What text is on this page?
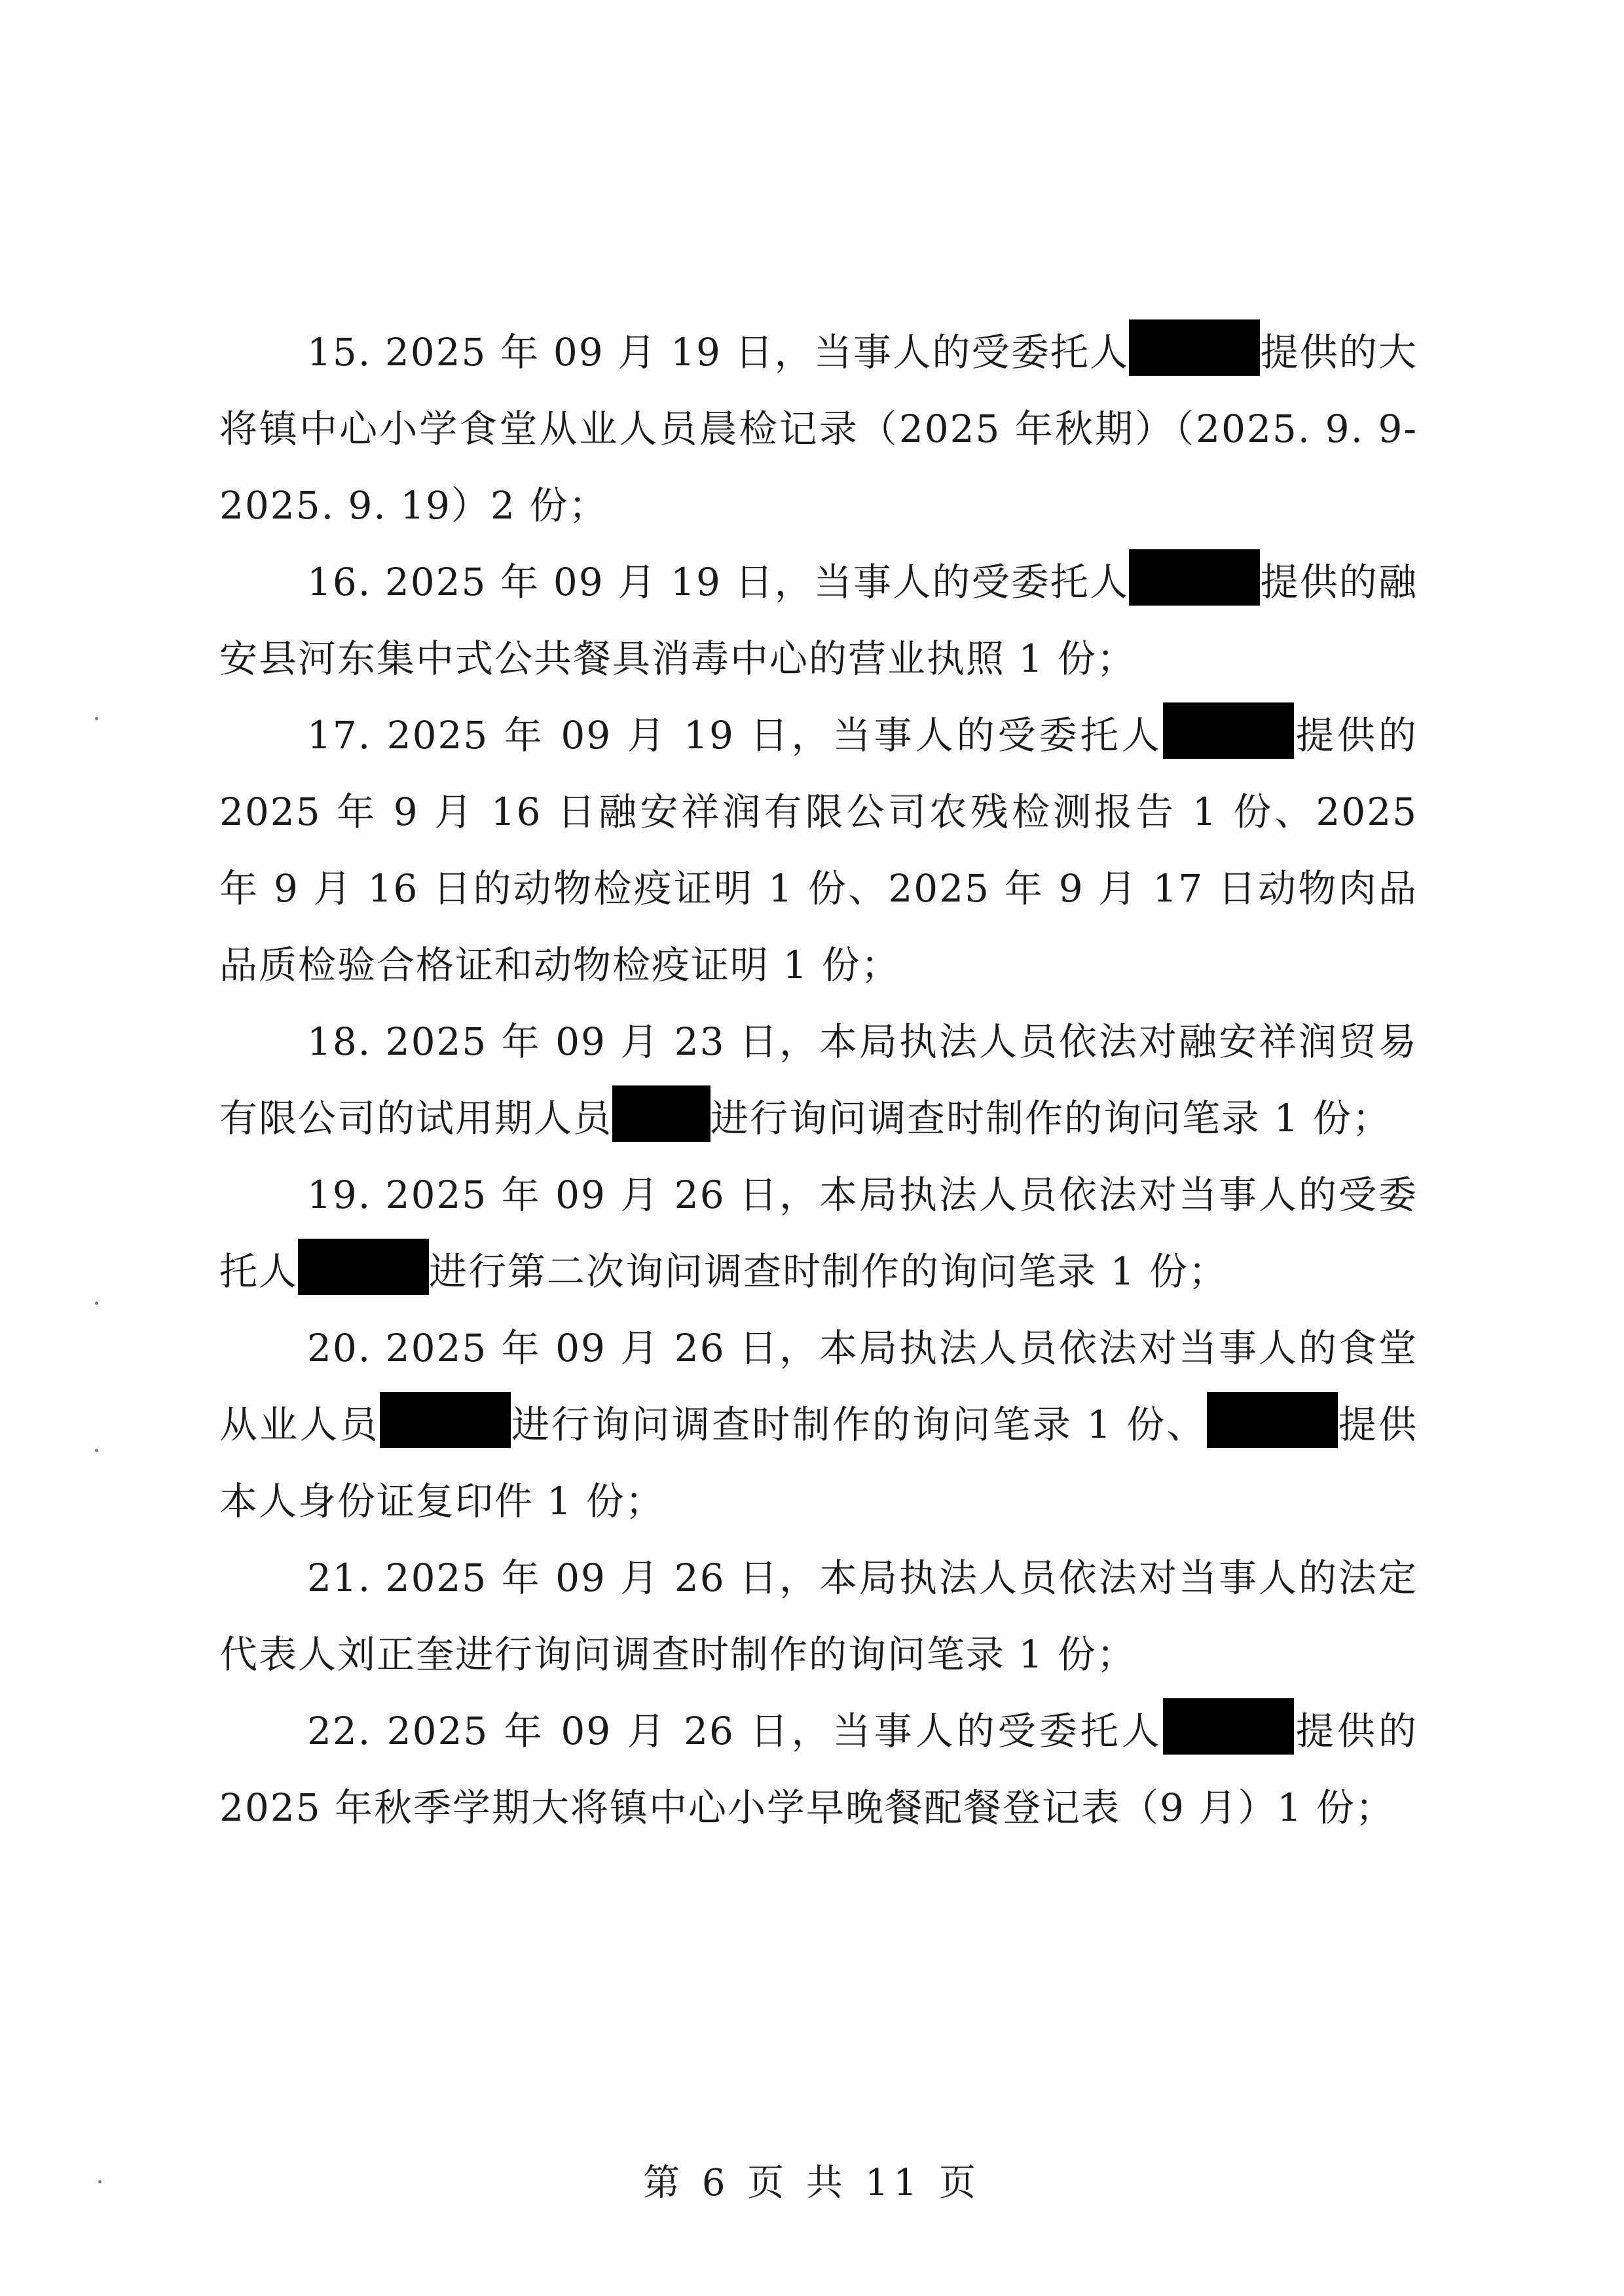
15. 2025 年 09 月 19 日，当事人的受委托人	提供的大将镇中心小学食堂从业人员晨检记录（2025 年秋期）（2025. 9. 9-2025. 9. 19）2 份；

16. 2025 年 09 月 19 日，当事人的受委托人	提供的融安县河东集中式公共餐具消毒中心的营业执照 1 份；

17. 2025 年 09 月 19 日，当事人的受委托人	提供的 2025 年 9 月 16 日融安祥润有限公司农残检测报告 1 份、2025 年 9 月 16 日的动物检疫证明 1 份、2025 年 9 月 17 日动物肉品品质检验合格证和动物检疫证明 1 份；

18. 2025 年 09 月 23 日，本局执法人员依法对融安祥润贸易有限公司的试用期人员	进行询问调查时制作的询问笔录 1 份；

19. 2025 年 09 月 26 日，本局执法人员依法对当事人的受委托人	进行第二次询问调查时制作的询问笔录 1 份；

20. 2025 年 09 月 26 日，本局执法人员依法对当事人的食堂从业人员	进行询问调查时制作的询问笔录 1 份、	提供本人身份证复印件 1 份；

21. 2025 年 09 月 26 日，本局执法人员依法对当事人的法定代表人刘正奎进行询问调查时制作的询问笔录 1 份；

22. 2025 年 09 月 26 日，当事人的受委托人	提供的 2025 年秋季学期大将镇中心小学早晚餐配餐登记表（9 月）1 份；

第 6 页 共 11 页
